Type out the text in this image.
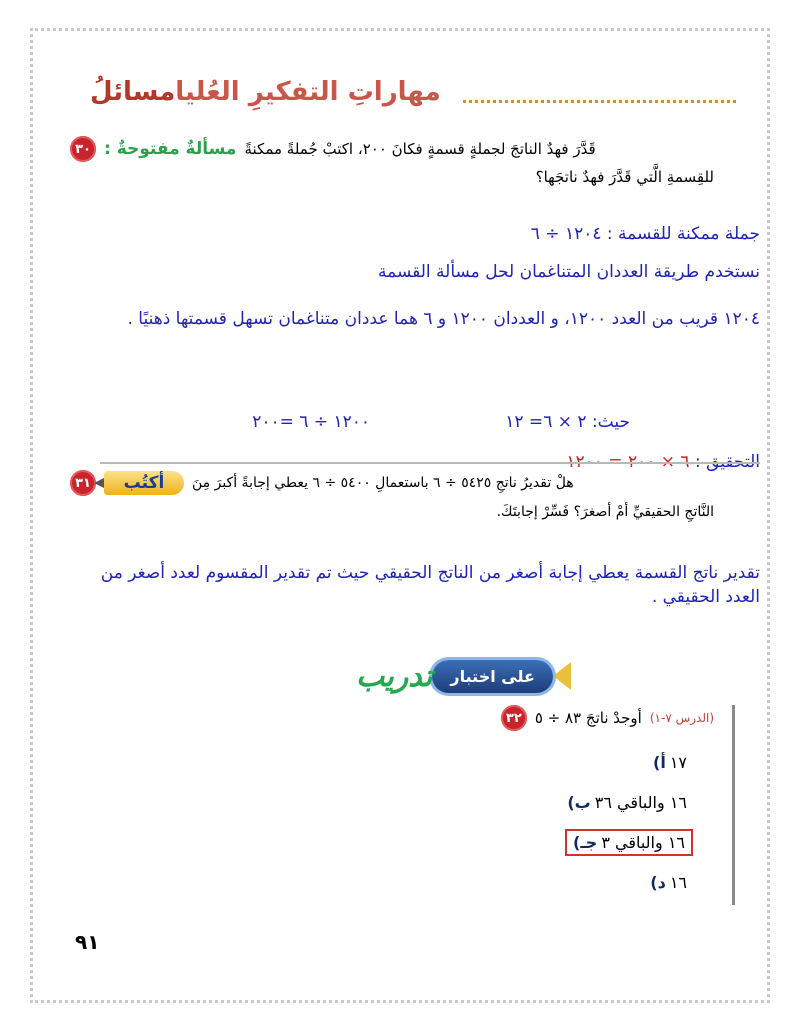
مسائلُ مهاراتِ التفكيرِ العُليا
٣٠ مسألةٌ مفتوحةٌ : قَدَّرَ فهدٌ الناتجَ لجملةٍ قسمةٍ فكانَ ٢٠٠، اكتبْ جُملةً ممكنةً
للقِسمةِ الَّتي قَدَّرَ فهدٌ ناتجَها؟
جملة ممكنة للقسمة : ١٢٠٤ ÷ ٦
نستخدم طريقة العددان المتناغمان لحل مسألة القسمة
١٢٠٤ قريب من العدد ١٢٠٠، و العددان ١٢٠٠ و ٦ هما عددان متناغمان تسهل قسمتها ذهنيًا .
١٢٠٠ ÷ ٦ =٢٠٠	حيث: ٢ × ٦= ١٢
التحقيق : ٦ × ٢٠٠ = ١٢٠٠
٣١	أكتُب	هلْ تقديرُ ناتجِ ٥٤٢٥ ÷ ٦ باستعمالِ ٥٤٠٠ ÷ ٦ يعطي إجابةً أكبرَ مِنَ
النَّاتجِ الحقيقيِّ أمْ أصغرَ؟ فَسِّرْ إجابتَكَ.
تقدير ناتج القسمة يعطي إجابة أصغر من الناتج الحقيقي حيث تم تقدير المقسوم لعدد أصغر من العدد الحقيقي .
تدريب	على اختبار
٣٢ أوجدْ ناتجَ ٨٣ ÷ ٥ (الدرس ٧-١)
أ) ١٧
ب) ١٦ والباقي ٣٦
جـ) ١٦ والباقي ٣
د) ١٦
٩١
